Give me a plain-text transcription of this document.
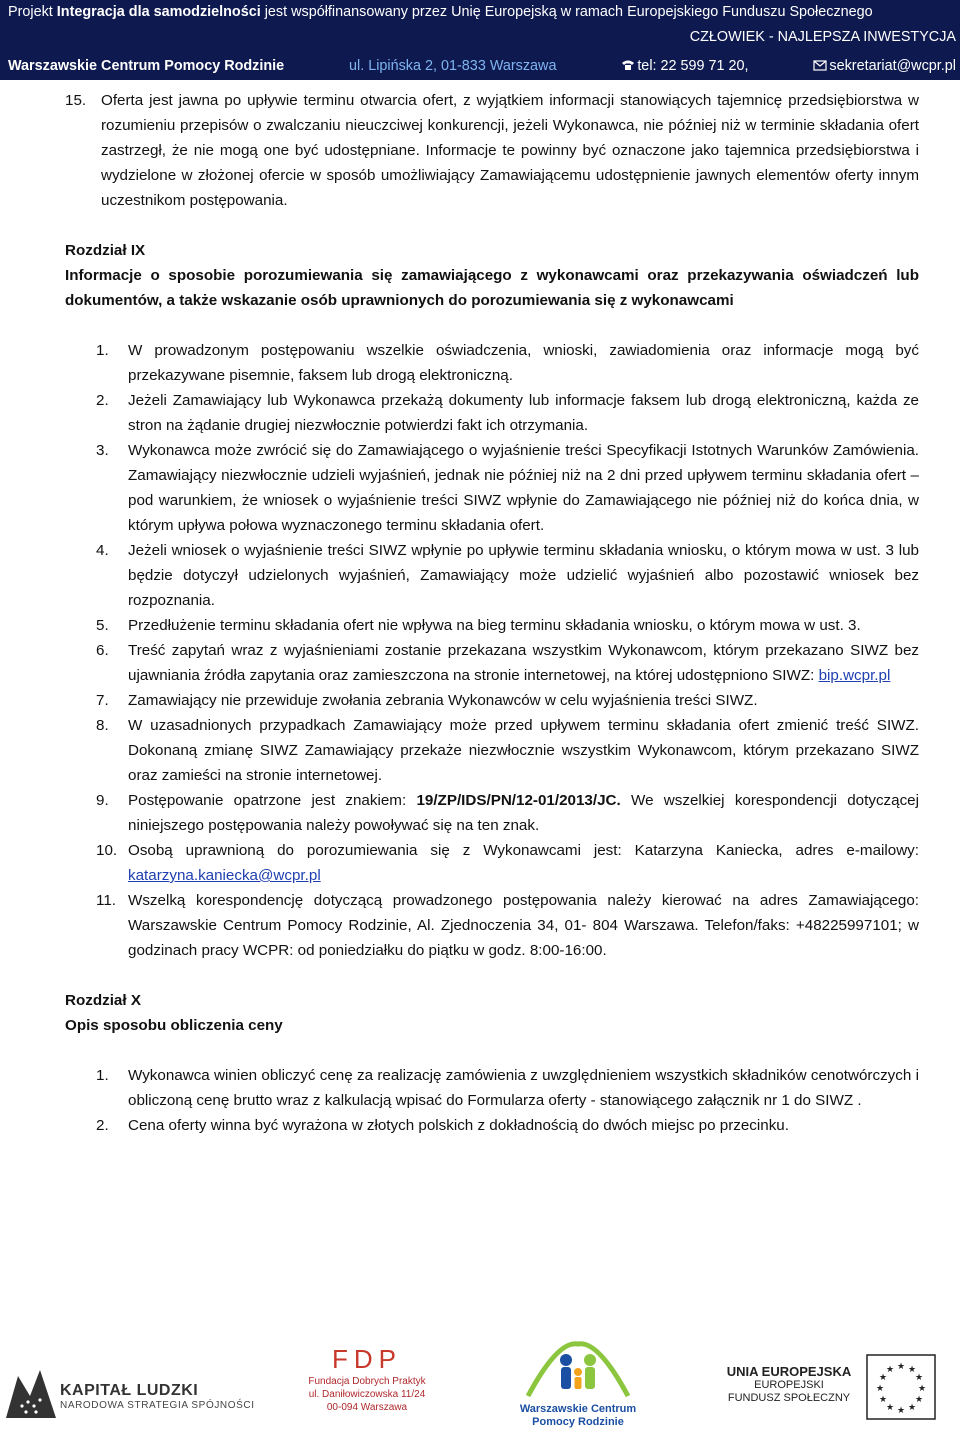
Projekt Integracja dla samodzielności jest współfinansowany przez Unię Europejską w ramach Europejskiego Funduszu Społecznego
CZŁOWIEK - NAJLEPSZA INWESTYCJA
Warszawskie Centrum Pomocy Rodzinie	ul. Lipińska 2, 01-833 Warszawa	tel: 22 599 71 20,	sekretariat@wcpr.pl
15. Oferta jest jawna po upływie terminu otwarcia ofert, z wyjątkiem informacji stanowiących tajemnicę przedsiębiorstwa w rozumieniu przepisów o zwalczaniu nieuczciwej konkurencji, jeżeli Wykonawca, nie później niż w terminie składania ofert zastrzegł, że nie mogą one być udostępniane. Informacje te powinny być oznaczone jako tajemnica przedsiębiorstwa i wydzielone w złożonej ofercie w sposób umożliwiający Zamawiającemu udostępnienie jawnych elementów oferty innym uczestnikom postępowania.

Rozdział IX

Informacje o sposobie porozumiewania się zamawiającego z wykonawcami oraz przekazywania oświadczeń lub dokumentów, a także wskazanie osób uprawnionych do porozumiewania się z wykonawcami

1.	W prowadzonym postępowaniu wszelkie oświadczenia, wnioski, zawiadomienia oraz informacje mogą być przekazywane pisemnie, faksem lub drogą elektroniczną.
2.	Jeżeli Zamawiający lub Wykonawca przekażą dokumenty lub informacje faksem lub drogą elektroniczną, każda ze stron na żądanie drugiej niezwłocznie potwierdzi fakt ich otrzymania.
3.	Wykonawca może zwrócić się do Zamawiającego o wyjaśnienie treści Specyfikacji Istotnych Warunków Zamówienia. Zamawiający niezwłocznie udzieli wyjaśnień, jednak nie później niż na 2 dni przed upływem terminu składania ofert – pod warunkiem, że wniosek o wyjaśnienie treści SIWZ wpłynie do Zamawiającego nie później niż do końca dnia, w którym upływa połowa wyznaczonego terminu składania ofert.
4.	Jeżeli wniosek o wyjaśnienie treści SIWZ wpłynie po upływie terminu składania wniosku, o którym mowa w ust. 3 lub będzie dotyczył udzielonych wyjaśnień, Zamawiający może udzielić wyjaśnień albo pozostawić wniosek bez rozpoznania.
5.	Przedłużenie terminu składania ofert nie wpływa na bieg terminu składania wniosku, o którym mowa w ust. 3.
6.	Treść zapytań wraz z wyjaśnieniami zostanie przekazana wszystkim Wykonawcom, którym przekazano SIWZ bez ujawniania źródła zapytania oraz zamieszczona na stronie internetowej, na której udostępniono SIWZ: bip.wcpr.pl
7.	Zamawiający nie przewiduje zwołania zebrania Wykonawców w celu wyjaśnienia treści SIWZ.
8.	W uzasadnionych przypadkach Zamawiający może przed upływem terminu składania ofert zmienić treść SIWZ. Dokonaną zmianę SIWZ Zamawiający przekaże niezwłocznie wszystkim Wykonawcom, którym przekazano SIWZ oraz zamieści na stronie internetowej.
9.	Postępowanie opatrzone jest znakiem: 19/ZP/IDS/PN/12-01/2013/JC. We wszelkiej korespondencji dotyczącej niniejszego postępowania należy powoływać się na ten znak.
10. Osobą uprawnioną do porozumiewania się z Wykonawcami jest: Katarzyna Kaniecka, adres e-mailowy: katarzyna.kaniecka@wcpr.pl
11. Wszelką korespondencję dotyczącą prowadzonego postępowania należy kierować na adres Zamawiającego: Warszawskie Centrum Pomocy Rodzinie, Al. Zjednoczenia 34, 01- 804 Warszawa. Telefon/faks: +48225997101; w godzinach pracy WCPR: od poniedziałku do piątku w godz. 8:00-16:00.

Rozdział X

Opis sposobu obliczenia ceny

1.	Wykonawca winien obliczyć cenę za realizację zamówienia z uwzględnieniem wszystkich składników cenotwórczych i obliczoną cenę brutto wraz z kalkulacją wpisać do Formularza oferty - stanowiącego załącznik nr 1 do SIWZ .
2.	Cena oferty winna być wyrażona w złotych polskich z dokładnością do dwóch miejsc po przecinku.
KAPITAŁ LUDZKI
NARODOWA STRATEGIA SPÓJNOŚCI
FDP
Fundacja Dobrych Praktyk
ul. Daniłowiczowska 11/24
00-094 Warszawa	Warszawskie Centrum
Pomocy Rodzinie
UNIA EUROPEJSKA
EUROPEJSKI
FUNDUSZ SPOŁECZNY
★ ★
★
★
★
★
★
★
★
★
★
★
